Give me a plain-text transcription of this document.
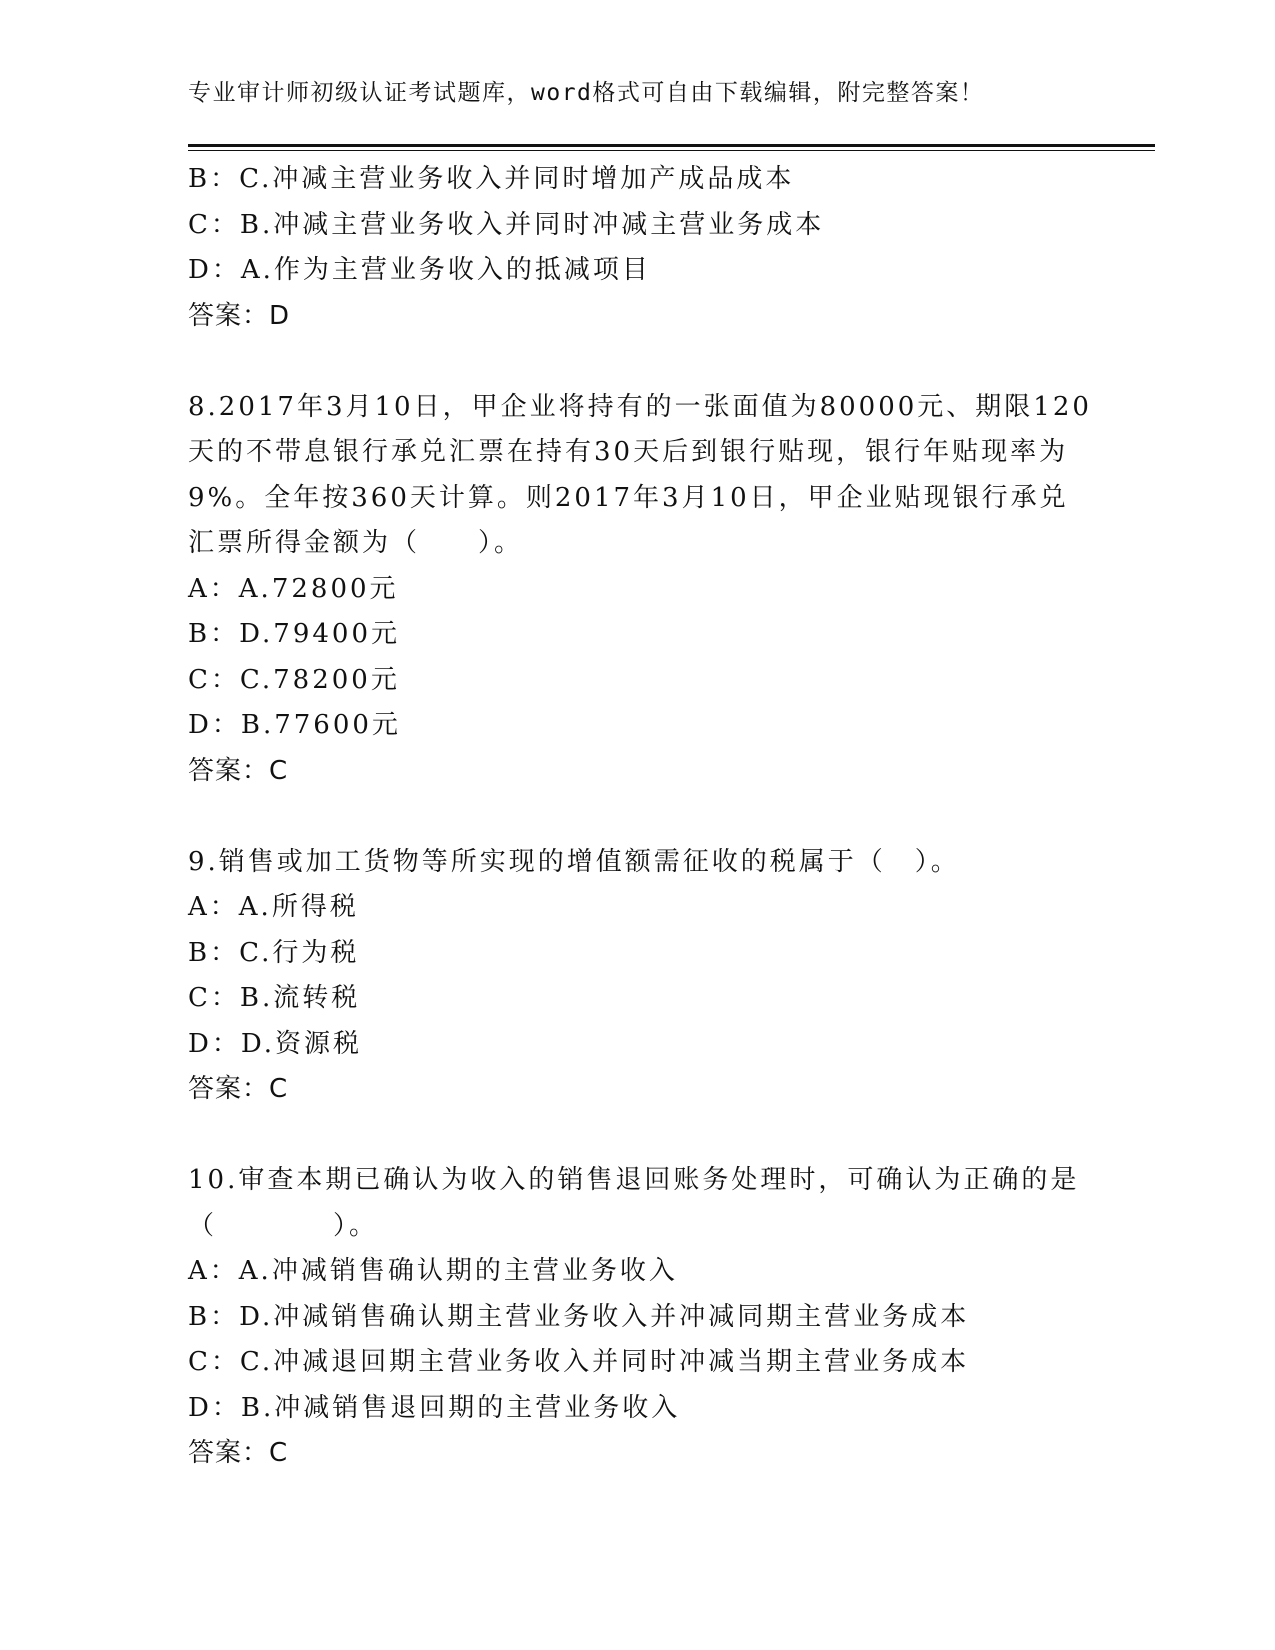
专业审计师初级认证考试题库，word格式可自由下载编辑，附完整答案！
B：C.冲减主营业务收入并同时增加产成品成本
C：B.冲减主营业务收入并同时冲减主营业务成本
D：A.作为主营业务收入的抵减项目
答案：D
8.2017年3月10日，甲企业将持有的一张面值为80000元、期限120
天的不带息银行承兑汇票在持有30天后到银行贴现，银行年贴现率为
9%。全年按360天计算。则2017年3月10日，甲企业贴现银行承兑
汇票所得金额为（　　）。
A：A.72800元
B：D.79400元
C：C.78200元
D：B.77600元
答案：C
9.销售或加工货物等所实现的增值额需征收的税属于（　）。
A：A.所得税
B：C.行为税
C：B.流转税
D：D.资源税
答案：C
10.审查本期已确认为收入的销售退回账务处理时，可确认为正确的是
（　　　　）。
A：A.冲减销售确认期的主营业务收入
B：D.冲减销售确认期主营业务收入并冲减同期主营业务成本
C：C.冲减退回期主营业务收入并同时冲减当期主营业务成本
D：B.冲减销售退回期的主营业务收入
答案：C
